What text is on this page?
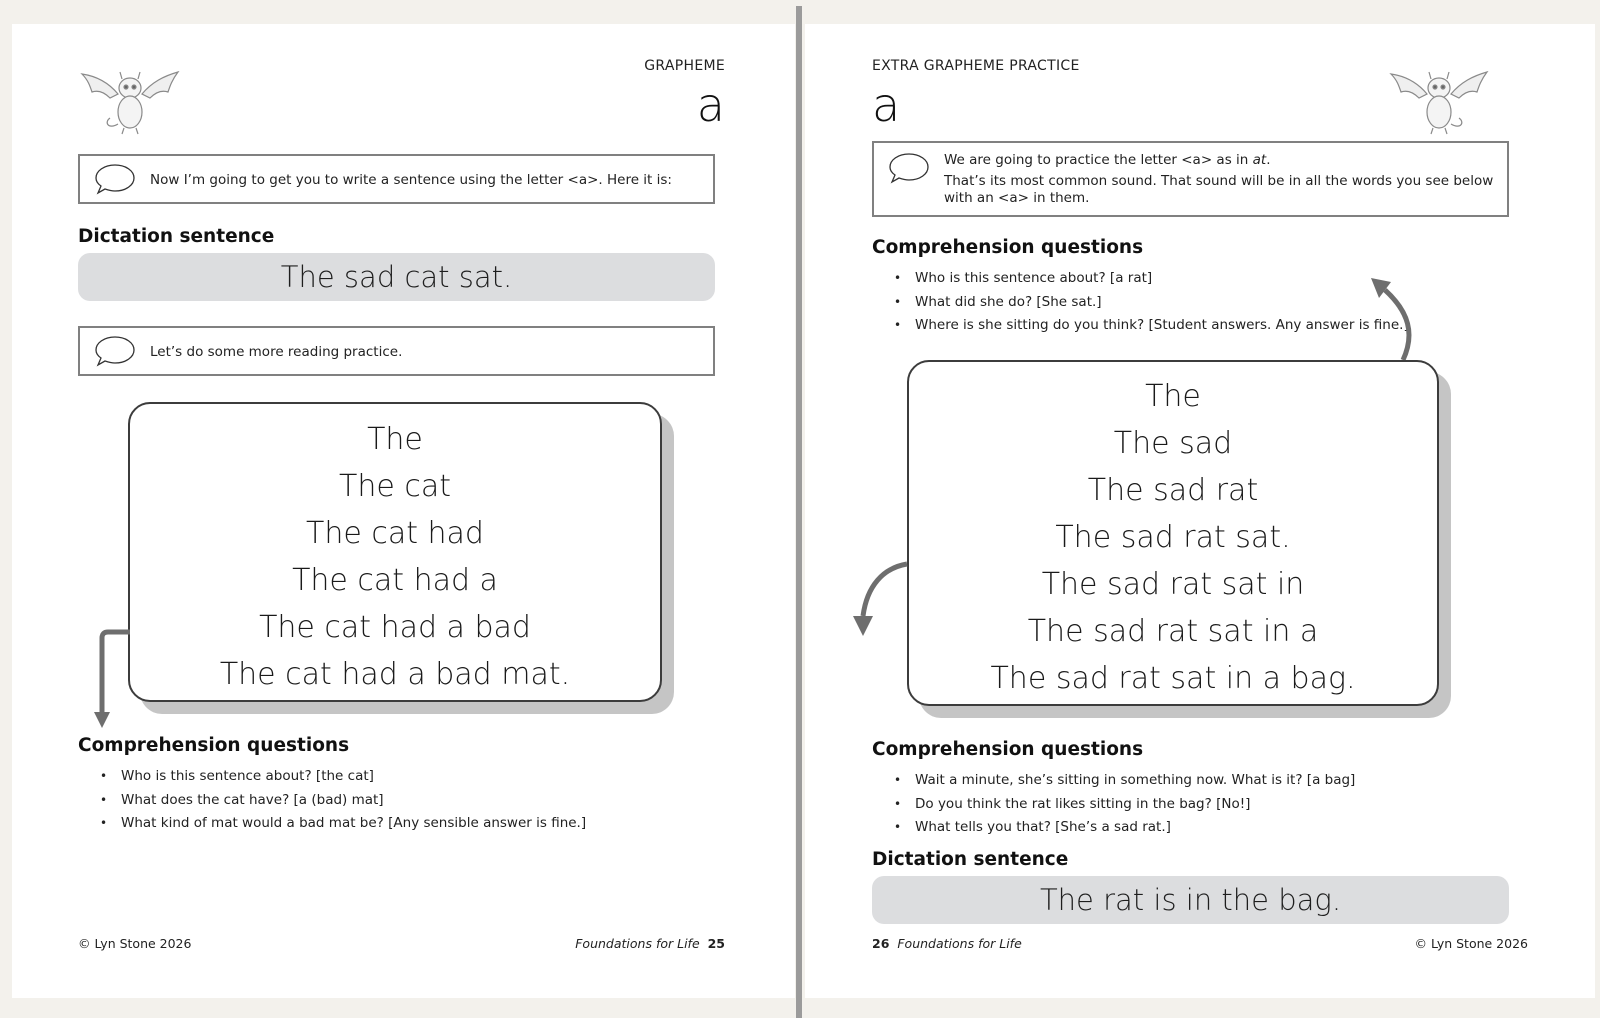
GRAPHEME
a
Now I’m going to get you to write a sentence using the letter <a>. Here it is:
Dictation sentence
The sad cat sat.
Let’s do some more reading practice.
The
The cat
The cat had
The cat had a
The cat had a bad
The cat had a bad mat.
Comprehension questions
• Who is this sentence about? [the cat]
• What does the cat have? [a (bad) mat]
• What kind of mat would a bad mat be? [Any sensible answer is fine.]
© Lyn Stone 2026	Foundations for Life 25
EXTRA GRAPHEME PRACTICE
a
We are going to practice the letter <a> as in at.
That’s its most common sound. That sound will be in all the words you see below with an <a> in them.
Comprehension questions
• Who is this sentence about? [a rat]
• What did she do? [She sat.]
• Where is she sitting do you think? [Student answers. Any answer is fine.]
The
The sad
The sad rat
The sad rat sat.
The sad rat sat in
The sad rat sat in a
The sad rat sat in a bag.
Comprehension questions
• Wait a minute, she’s sitting in something now. What is it? [a bag]
• Do you think the rat likes sitting in the bag? [No!]
• What tells you that? [She’s a sad rat.]
Dictation sentence
The rat is in the bag.
26 Foundations for Life	© Lyn Stone 2026
